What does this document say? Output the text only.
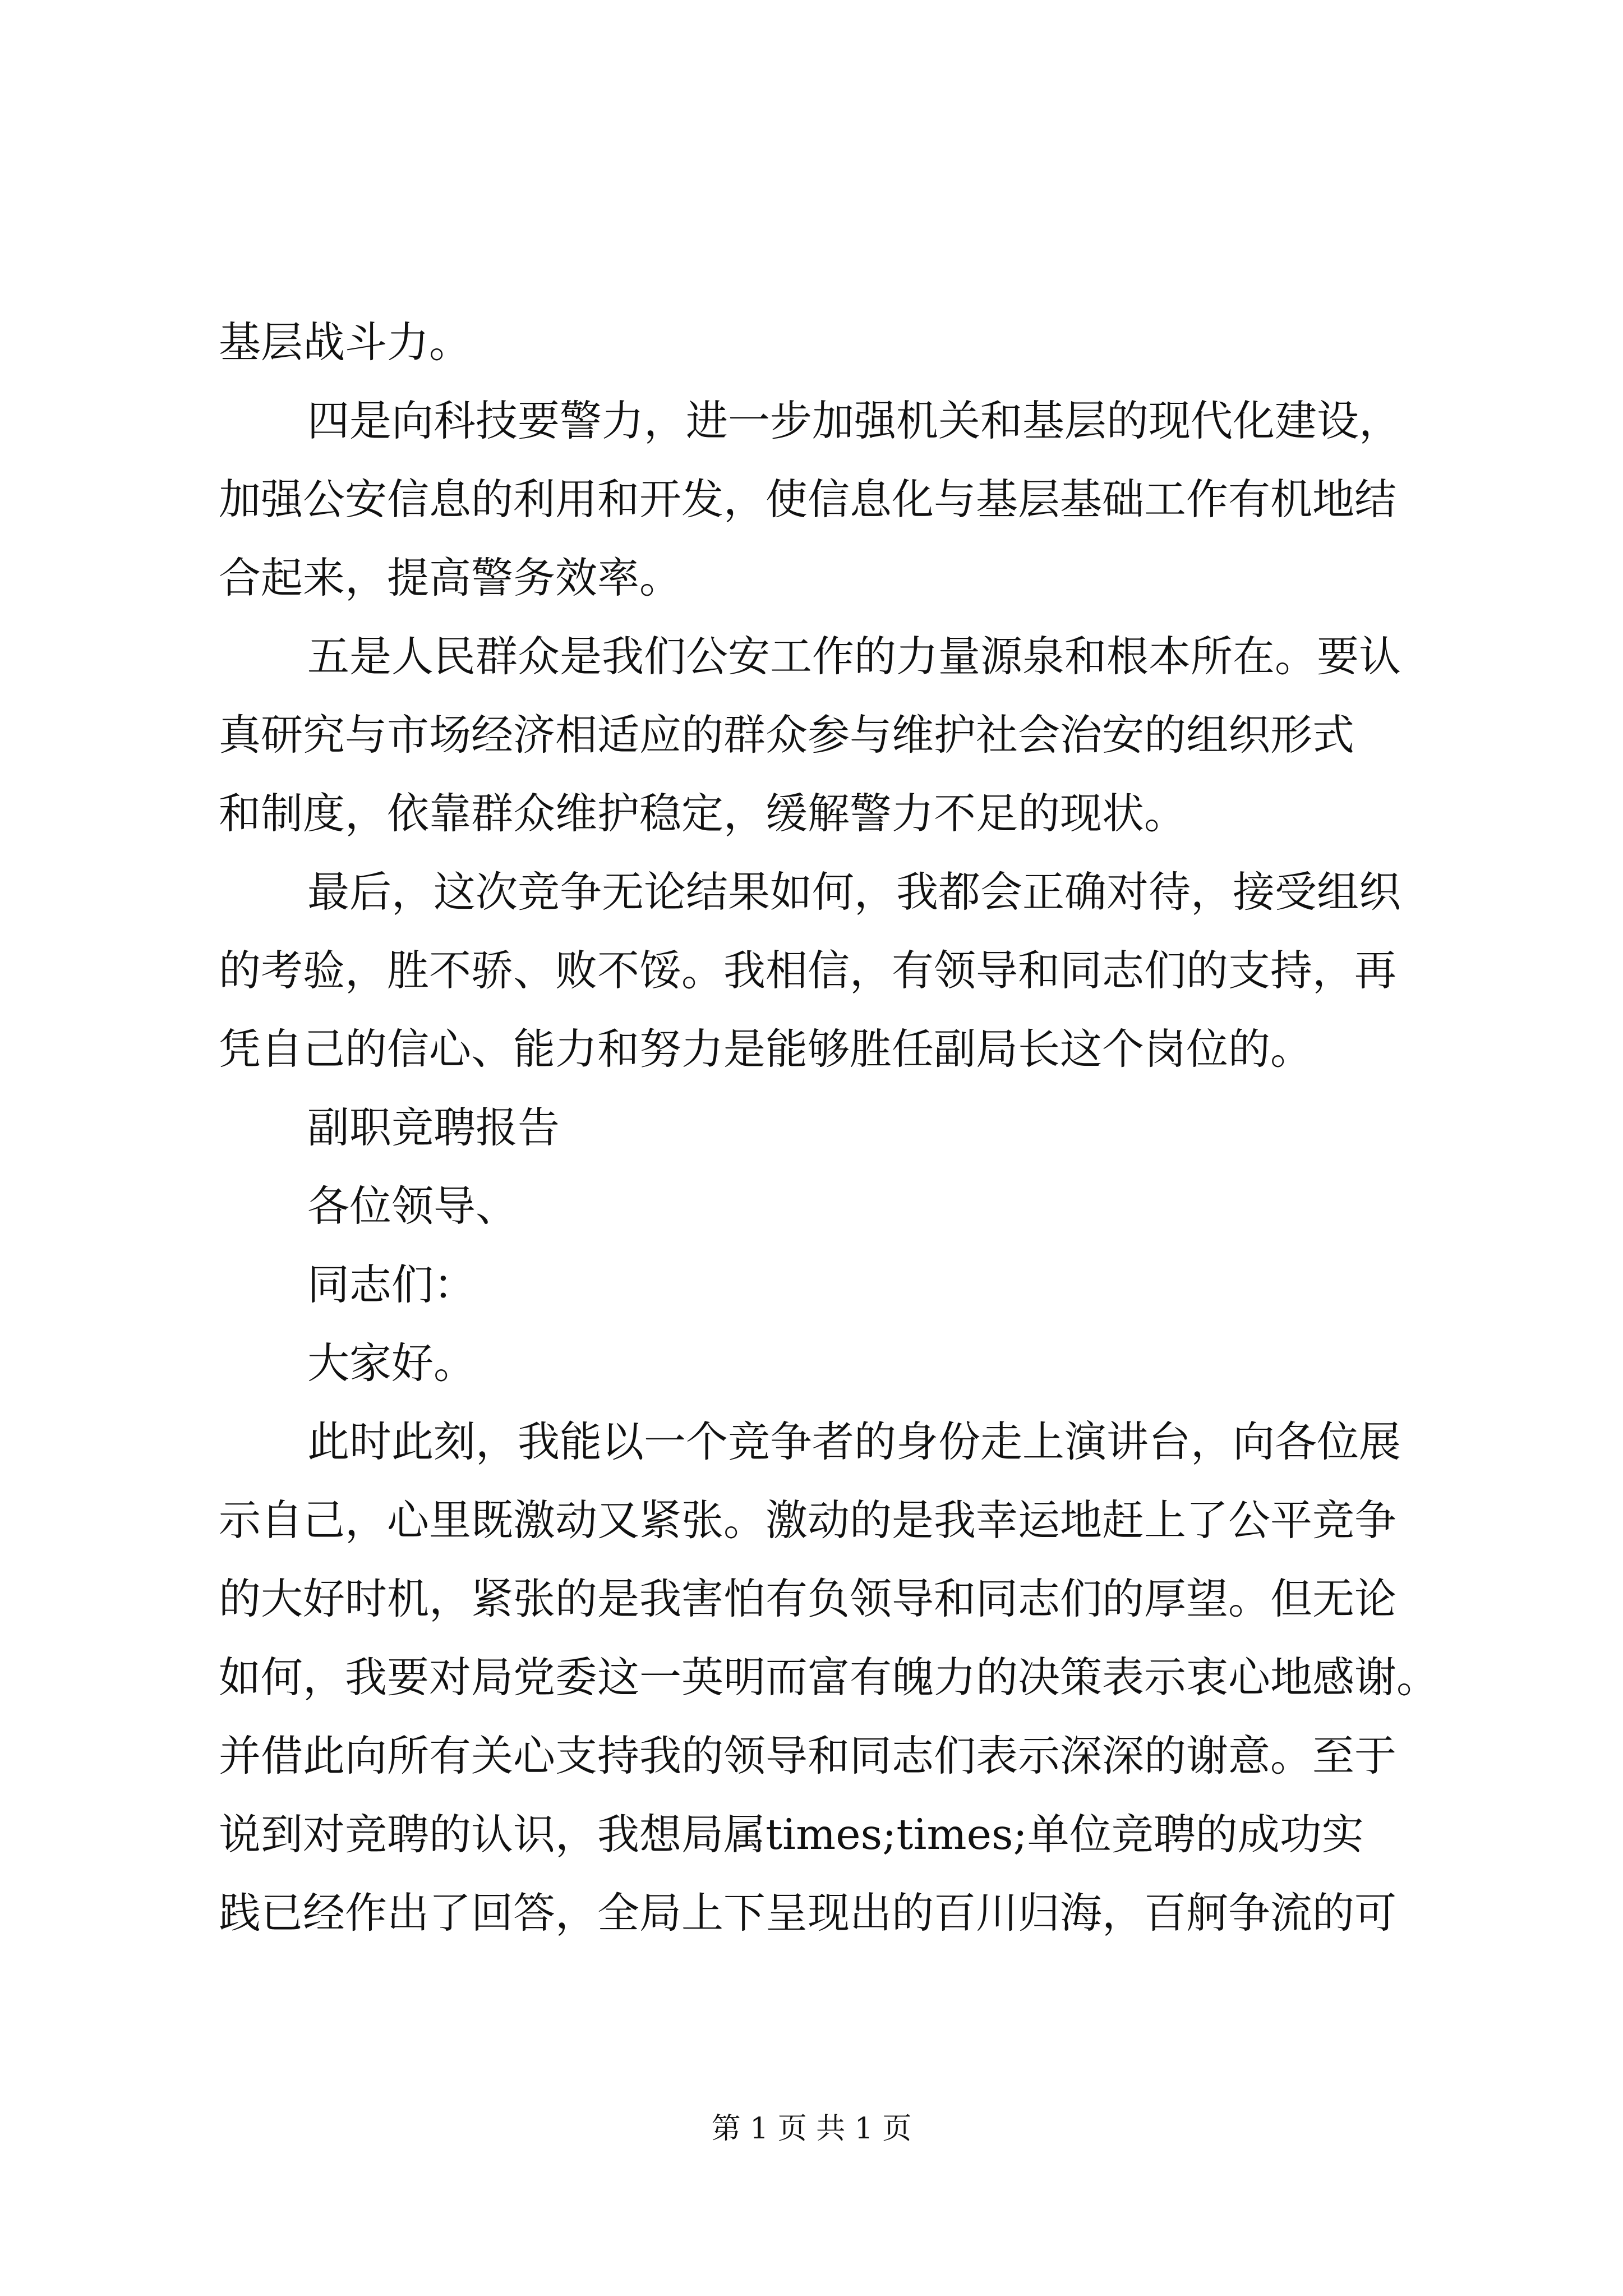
基层战斗力。
四是向科技要警力，进一步加强机关和基层的现代化建设，
加强公安信息的利用和开发，使信息化与基层基础工作有机地结
合起来，提高警务效率。
五是人民群众是我们公安工作的力量源泉和根本所在。要认
真研究与市场经济相适应的群众参与维护社会治安的组织形式
和制度，依靠群众维护稳定，缓解警力不足的现状。
最后，这次竞争无论结果如何，我都会正确对待，接受组织
的考验，胜不骄、败不馁。我相信，有领导和同志们的支持，再
凭自己的信心、能力和努力是能够胜任副局长这个岗位的。
副职竞聘报告
各位领导、
同志们：
大家好。
此时此刻，我能以一个竞争者的身份走上演讲台，向各位展
示自己，心里既激动又紧张。激动的是我幸运地赶上了公平竞争
的大好时机，紧张的是我害怕有负领导和同志们的厚望。但无论
如何，我要对局党委这一英明而富有魄力的决策表示衷心地感谢。
并借此向所有关心支持我的领导和同志们表示深深的谢意。至于
说到对竞聘的认识，我想局属times;times;单位竞聘的成功实
践已经作出了回答，全局上下呈现出的百川归海，百舸争流的可

第 1 页 共 1 页
